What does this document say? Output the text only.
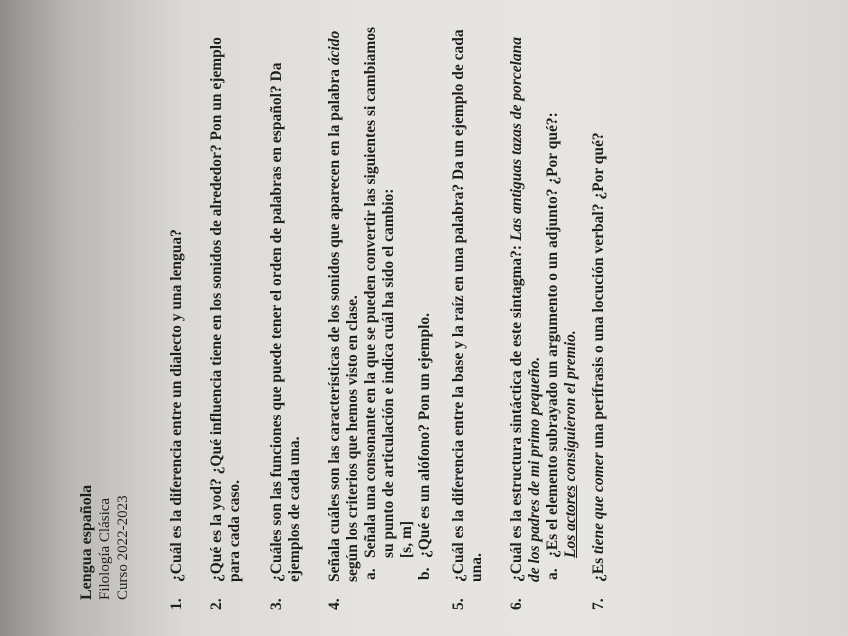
Lengua española Filología Clásica Curso 2022-2023
1.
¿Cuál es la diferencia entre un dialecto y una lengua?
2.
¿Qué es la yod? ¿Qué influencia tiene en los sonidos de alrededor? Pon un ejemplo para cada caso.
3.
¿Cuáles son las funciones que puede tener el orden de palabras en español? Da ejemplos de cada una.
4.
Señala cuáles son las características de los sonidos que aparecen en la palabra ácido según los criterios que hemos visto en clase. a.
Señala una consonante en la que se pueden convertir las siguientes si cambiamos su punto de articulación e indica cuál ha sido el cambio: [s, m]
b.
¿Qué es un alófono? Pon un ejemplo.
5.
¿Cuál es la diferencia entre la base y la raíz en una palabra? Da un ejemplo de cada una.
6.
¿Cuál es la estructura sintáctica de este sintagma?: Las antiguas tazas de porcelana de los padres de mi primo pequeño. a.
¿Es el elemento subrayado un argumento o un adjunto? ¿Por qué?: Los actores consiguieron el premio.
7.
¿Es tiene que comer una perífrasis o una locución verbal? ¿Por qué?
